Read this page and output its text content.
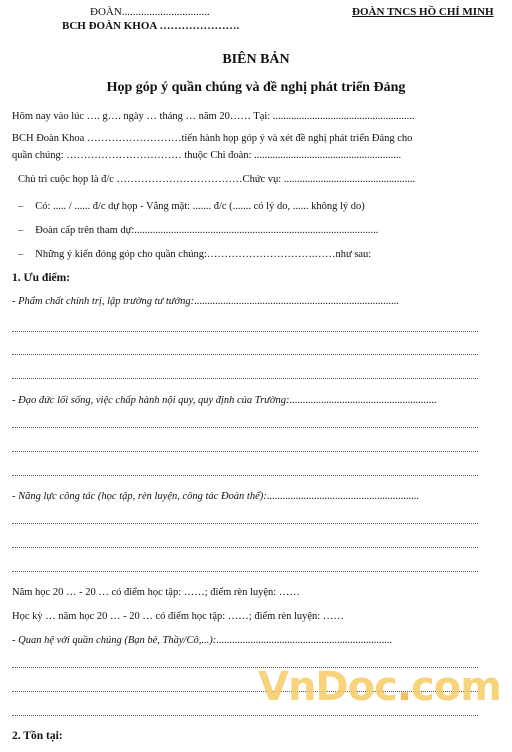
ĐOÀN................................
BCH ĐOÀN KHOA ………………….
ĐOÀN TNCS HỒ CHÍ MINH
BIÊN BẢN
Họp góp ý quần chúng và đề nghị phát triển Đảng
Hôm nay vào lúc …. g…. ngày … tháng … năm 20…… Tại: ......................................................
BCH Đoàn Khoa ………………………tiến hành họp góp ý và xét đề nghị phát triển Đảng cho
quần chúng: …………………………… thuộc Chi đoàn: ........................................................
Chủ trì cuộc họp là đ/c ………………………………Chức vụ: ..................................................
– Có: ..... / ...... đ/c dự họp - Vắng mặt: ....... đ/c (....... có lý do, ...... không lý do)
– Đoàn cấp trên tham dự:.............................................................................................
– Những ý kiến đóng góp cho quần chúng:………………………….……như sau:
1. Ưu điểm:
- Phẩm chất chính trị, lập trường tư tưởng:..............................................................................
- Đạo đức lối sống, việc chấp hành nội quy, quy định của Trường:........................................................
- Năng lực công tác (học tập, rèn luyện, công tác Đoàn thể):..........................................................
Năm học 20 … - 20 … có điểm học tập: ……; điểm rèn luyện: ……
Học kỳ … năm học 20 … - 20 … có điểm học tập: ……; điểm rèn luyện: ……
- Quan hệ với quần chúng (Bạn bè, Thầy/Cô,...):...................................................................
2. Tồn tại:
VnDoc.com
